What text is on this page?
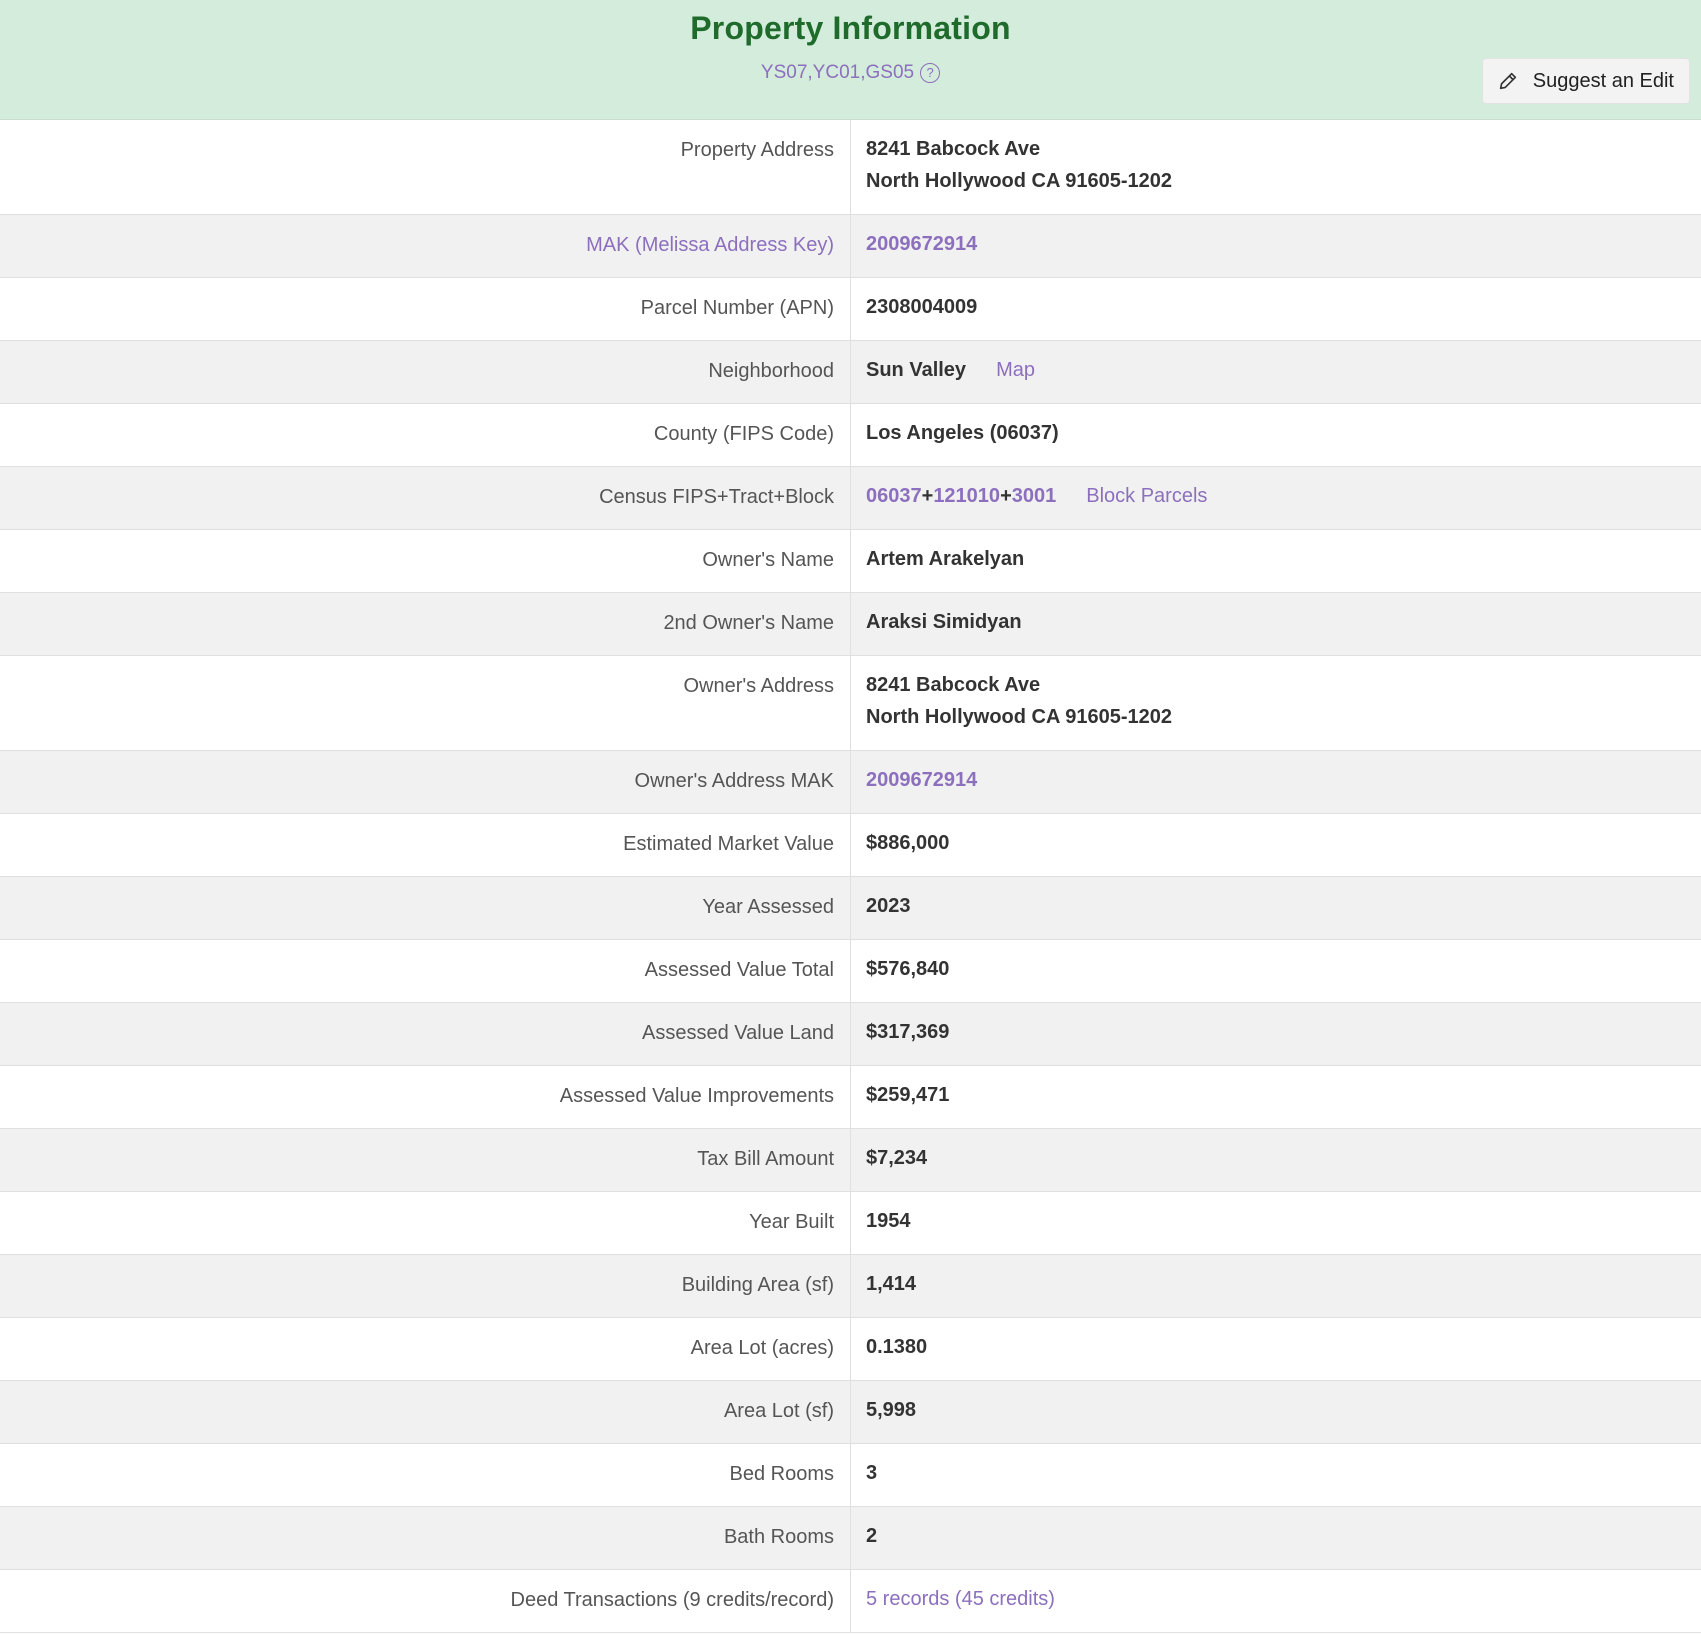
Property Information
YS07,YC01,GS05 ?	Suggest an Edit
Property Address	8241 Babcock Ave
North Hollywood CA 91605-1202
MAK (Melissa Address Key)	2009672914
Parcel Number (APN)	2308004009
Neighborhood	Sun Valley Map
County (FIPS Code)	Los Angeles (06037)
Census FIPS+Tract+Block	06037+121010+3001 Block Parcels
Owner's Name	Artem Arakelyan
2nd Owner's Name	Araksi Simidyan
Owner's Address	8241 Babcock Ave
North Hollywood CA 91605-1202
Owner's Address MAK	2009672914
Estimated Market Value	$886,000
Year Assessed	2023
Assessed Value Total	$576,840
Assessed Value Land	$317,369
Assessed Value Improvements	$259,471
Tax Bill Amount	$7,234
Year Built	1954
Building Area (sf)	1,414
Area Lot (acres)	0.1380
Area Lot (sf)	5,998
Bed Rooms	3
Bath Rooms	2
Deed Transactions (9 credits/record)	5 records (45 credits)
